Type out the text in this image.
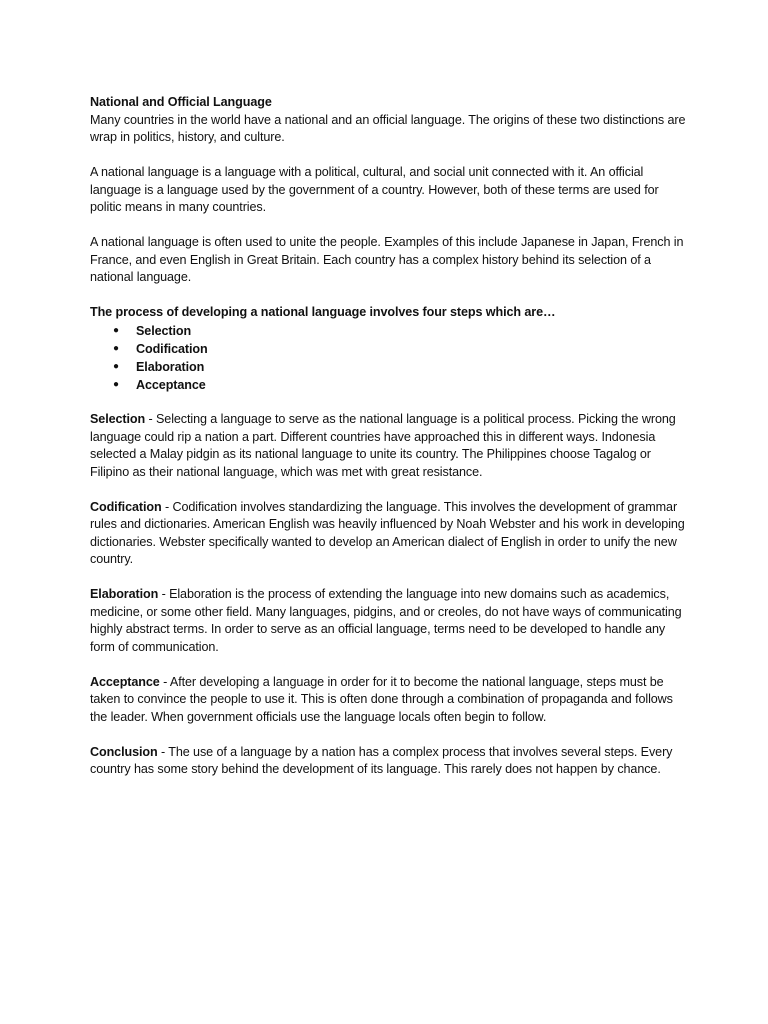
National and Official Language

Many countries in the world have a national and an official language. The origins of these two distinctions are wrap in politics, history, and culture.

A national language is a language with a political, cultural, and social unit connected with it. An official language is a language used by the government of a country. However, both of these terms are used for politic means in many countries.

A national language is often used to unite the people. Examples of this include Japanese in Japan, French in France, and even English in Great Britain. Each country has a complex history behind its selection of a national language.

The process of developing a national language involves four steps which are…

● Selection
● Codification
● Elaboration
● Acceptance

Selection - Selecting a language to serve as the national language is a political process. Picking the wrong language could rip a nation a part. Different countries have approached this in different ways. Indonesia selected a Malay pidgin as its national language to unite its country. The Philippines choose Tagalog or Filipino as their national language, which was met with great resistance.

Codification - Codification involves standardizing the language. This involves the development of grammar rules and dictionaries. American English was heavily influenced by Noah Webster and his work in developing dictionaries. Webster specifically wanted to develop an American dialect of English in order to unify the new country.

Elaboration - Elaboration is the process of extending the language into new domains such as academics, medicine, or some other field. Many languages, pidgins, and or creoles, do not have ways of communicating highly abstract terms. In order to serve as an official language, terms need to be developed to handle any form of communication.

Acceptance - After developing a language in order for it to become the national language, steps must be taken to convince the people to use it. This is often done through a combination of propaganda and follows the leader. When government officials use the language locals often begin to follow.

Conclusion - The use of a language by a nation has a complex process that involves several steps. Every country has some story behind the development of its language. This rarely does not happen by chance.
